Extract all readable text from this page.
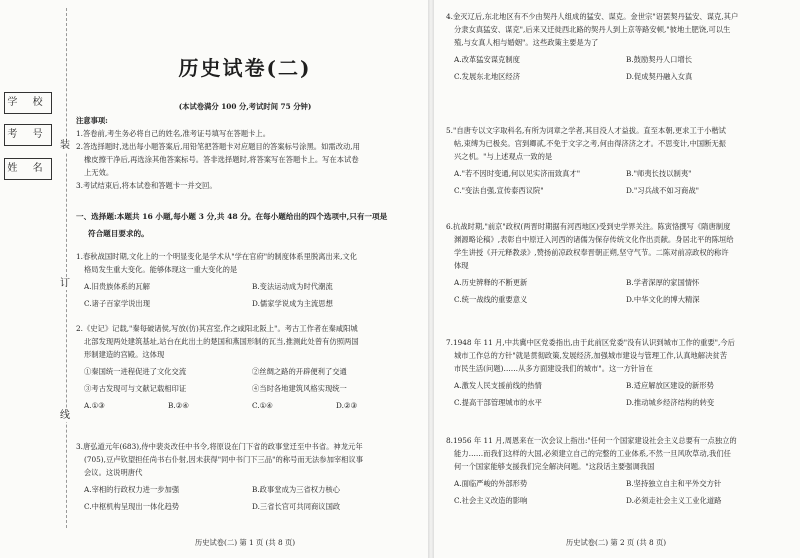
学 校
考 号
姓 名
装
订
线
历史试卷(二)
(本试卷满分 100 分,考试时间 75 分钟)
注意事项:
1.答卷前,考生务必将自己的姓名,准考证号填写在答题卡上。
2.答选择题时,选出每小题答案后,用铅笔把答题卡对应题目的答案标号涂黑。如需改动,用
橡皮擦干净后,再选涂其他答案标号。答非选择题时,将答案写在答题卡上。写在本试卷
上无效。
3.考试结束后,将本试卷和答题卡一并交回。
一、选择题:本题共 16 小题,每小题 3 分,共 48 分。在每小题给出的四个选项中,只有一项是
符合题目要求的。
1.春秋战国时期,文化上的一个明显变化是学术从"学在官府"的制度体系里脱离出来,文化
格局发生重大变化。能够体现这一重大变化的是
A.旧贵族体系的瓦解	B.变法运动成为时代潮流
C.诸子百家学说出现	D.儒家学说成为主流思想
2.《史记》记载,"秦每破诸侯,写放(仿)其宫室,作之咸阳北阪上"。考古工作者在秦咸阳城
北部发现两处建筑基址,站台在此出土的楚国和燕国形制的瓦当,推测此处曾有仿照两国
形制建造的宫殿。这体现
①秦国统一进程促进了文化交流	②丝绸之路的开辟便利了交通
③考古发现可与文献记载相印证	④当时各地建筑风格实现统一
A.①③	B.②④	C.①④	D.②③
3.唐弘道元年(683),侍中裴炎改任中书令,将原设在门下省的政事堂迁至中书省。神龙元年
(705),豆卢钦望担任尚书右仆射,因未获得"同中书门下三品"的称号而无法参加宰相议事
会议。这说明唐代
A.宰相的行政权力进一步加强	B.政事堂成为三省权力核心
C.中枢机构呈现出一体化趋势	D.三省长官可共同商议国政
历史试卷(二) 第 1 页 (共 8 页)
4.金灭辽后,东北地区有不少由契丹人组成的猛安、谋克。金世宗"诏罢契丹猛安、谋克,其户
分隶女真猛安、谋克",后来又迁徙西北路的契丹人到上京等路安顿,"彼地土肥饶,可以生
殖,与女真人相与婚姻"。这些政策主要是为了
A.改革猛安谋克制度	B.鼓励契丹人口增长
C.发展东北地区经济	D.促成契丹融入女真
5."自唐专以文字取科名,有所为词章之学者,其目没人才益拔。直至本朝,更求工于小楷试
帖,束缚为已极矣。官到卿贰,不免于文字之考,何由得济济之才。不思变计,中国断无振
兴之机。"与上述观点一致的是
A."若不因时变通,何以见实济而致真才"	B."师夷长技以制夷"
C."变法自强,宣传泰西议院"	D."习兵战不如习商战"
6.抗战时期,"前京"政权(两晋时期据有河西地区)受到史学界关注。陈寅恪撰写《隋唐制度
渊源略论稿》,表彰自中原迁入河西的诸儒为保存传统文化作出贡献。身居北平的陈垣给
学生讲授《开元释教录》,赞扬前凉政权奉晋朝正朔,坚守气节。二陈对前凉政权的称许
体现
A.历史辨释的不断更新	B.学者深厚的家国情怀
C.统一战线的重要意义	D.中华文化的博大精深
7.1948 年 11 月,中共冀中区党委指出,由于此前区党委"没有认识到城市工作的重要",今后
城市工作总的方针"就是贯彻政策,发展经济,加强城市建设与管理工作,认真地解决贫苦
市民生活(问题)……从多方面建设我们的城市"。这一方针旨在
A.激发人民支援前线的热情	B.适应解放区建设的新形势
C.提高干部管理城市的水平	D.推动城乡经济结构的转变
8.1956 年 11 月,周恩来在一次会议上指出:"任何一个国家建设社会主义总要有一点独立的
能力……而我们这样的大国,必须建立自己的完整的工业体系,不然一旦风吹草动,我们任
何一个国家能够支援我们完全解决问题。"这段话主要强调我国
A.面临严峻的外部形势	B.坚持独立自主和平外交方针
C.社会主义改造的影响	D.必须走社会主义工业化道路
历史试卷(二) 第 2 页 (共 8 页)
